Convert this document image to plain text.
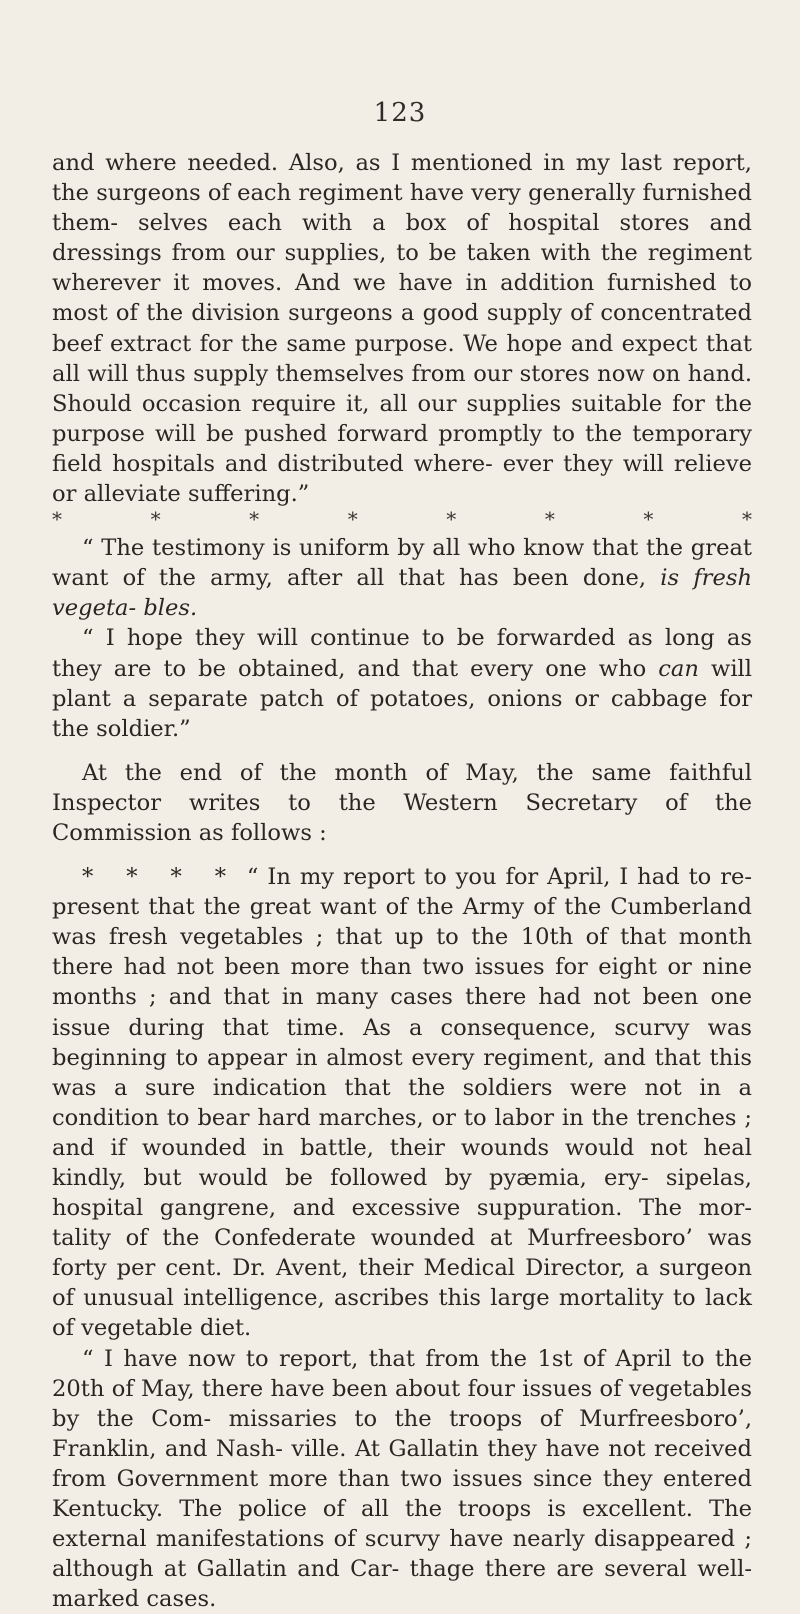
123

and where needed. Also, as I mentioned in my last report, the surgeons of each regiment have very generally furnished them- selves each with a box of hospital stores and dressings from our supplies, to be taken with the regiment wherever it moves. And we have in addition furnished to most of the division surgeons a good supply of concentrated beef extract for the same purpose. We hope and expect that all will thus supply themselves from our stores now on hand. Should occasion require it, all our supplies suitable for the purpose will be pushed forward promptly to the temporary field hospitals and distributed where- ever they will relieve or alleviate suffering.”

*	*	*	*	*	*	*	*

“ The testimony is uniform by all who know that the great want of the army, after all that has been done, is fresh vegeta- bles.

“ I hope they will continue to be forwarded as long as they are to be obtained, and that every one who can will plant a separate patch of potatoes, onions or cabbage for the soldier.”

At the end of the month of May, the same faithful Inspector writes to the Western Secretary of the Commission as follows :

* * * * “ In my report to you for April, I had to re- present that the great want of the Army of the Cumberland was fresh vegetables ; that up to the 10th of that month there had not been more than two issues for eight or nine months ; and that in many cases there had not been one issue during that time. As a consequence, scurvy was beginning to appear in almost every regiment, and that this was a sure indication that the soldiers were not in a condition to bear hard marches, or to labor in the trenches ; and if wounded in battle, their wounds would not heal kindly, but would be followed by pyæmia, ery- sipelas, hospital gangrene, and excessive suppuration. The mor- tality of the Confederate wounded at Murfreesboro’ was forty per cent. Dr. Avent, their Medical Director, a surgeon of unusual intelligence, ascribes this large mortality to lack of vegetable diet.

“ I have now to report, that from the 1st of April to the 20th of May, there have been about four issues of vegetables by the Com- missaries to the troops of Murfreesboro’, Franklin, and Nash- ville. At Gallatin they have not received from Government more than two issues since they entered Kentucky. The police of all the troops is excellent. The external manifestations of scurvy have nearly disappeared ; although at Gallatin and Car- thage there are several well-marked cases.
